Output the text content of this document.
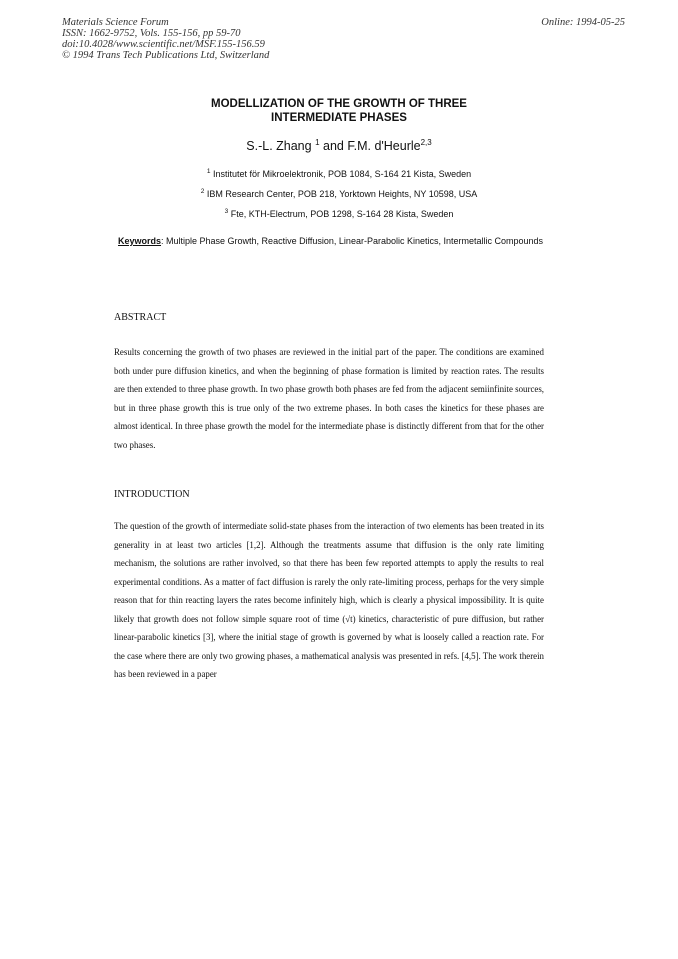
Materials Science Forum
ISSN: 1662-9752, Vols. 155-156, pp 59-70
doi:10.4028/www.scientific.net/MSF.155-156.59
© 1994 Trans Tech Publications Ltd, Switzerland
Online: 1994-05-25
MODELLIZATION OF THE GROWTH OF THREE
INTERMEDIATE PHASES
S.-L. Zhang $^1$ and F.M. d'Heurle$^{2,3}$
$^1$ Institutet för Mikroelektronik, POB 1084, S-164 21 Kista, Sweden
$^2$ IBM Research Center, POB 218, Yorktown Heights, NY 10598, USA
$^3$ Fte, KTH-Electrum, POB 1298, S-164 28 Kista, Sweden
Keywords: Multiple Phase Growth, Reactive Diffusion, Linear-Parabolic Kinetics, Intermetallic Compounds
ABSTRACT
Results concerning the growth of two phases are reviewed in the initial part of the paper. The conditions are examined both under pure diffusion kinetics, and when the beginning of phase formation is limited by reaction rates. The results are then extended to three phase growth. In two phase growth both phases are fed from the adjacent semiinfinite sources, but in three phase growth this is true only of the two extreme phases. In both cases the kinetics for these phases are almost identical. In three phase growth the model for the intermediate phase is distinctly different from that for the other two phases.
INTRODUCTION
The question of the growth of intermediate solid-state phases from the interaction of two elements has been treated in its generality in at least two articles [1,2]. Although the treatments assume that diffusion is the only rate limiting mechanism, the solutions are rather involved, so that there has been few reported attempts to apply the results to real experimental conditions. As a matter of fact diffusion is rarely the only rate-limiting process, perhaps for the very simple reason that for thin reacting layers the rates become infinitely high, which is clearly a physical impossibility. It is quite likely that growth does not follow simple square root of time (√t) kinetics, characteristic of pure diffusion, but rather linear-parabolic kinetics [3], where the initial stage of growth is governed by what is loosely called a reaction rate. For the case where there are only two growing phases, a mathematical analysis was presented in refs. [4,5]. The work therein has been reviewed in a paper
